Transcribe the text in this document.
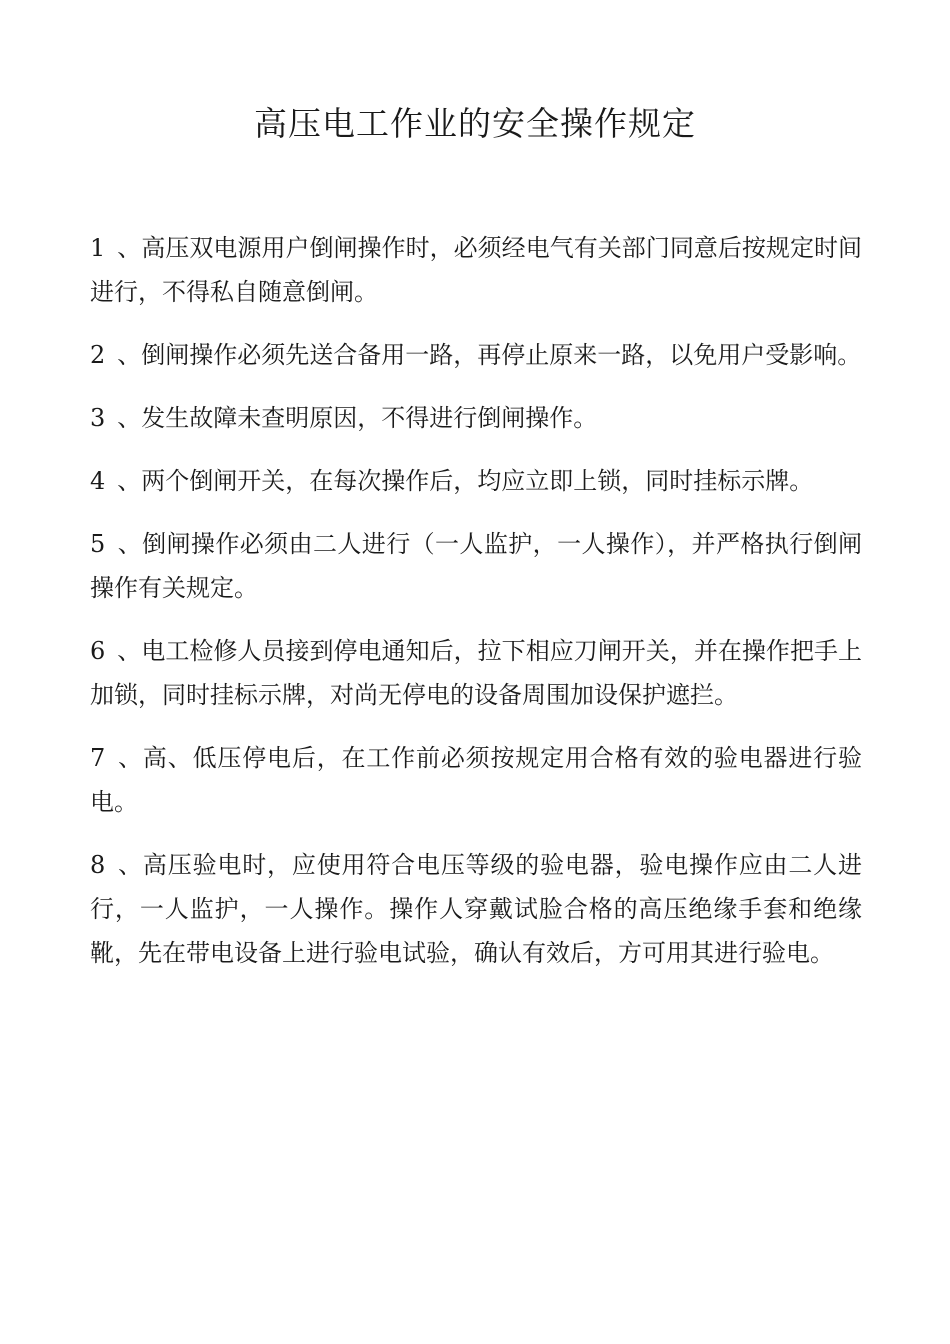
高压电工作业的安全操作规定
1 、高压双电源用户倒闸操作时，必须经电气有关部门同意后按规定时间进行，不得私自随意倒闸。
2 、倒闸操作必须先送合备用一路，再停止原来一路，以免用户受影响。
3 、发生故障未查明原因，不得进行倒闸操作。
4 、两个倒闸开关，在每次操作后，均应立即上锁，同时挂标示牌。
5 、倒闸操作必须由二人进行（一人监护，一人操作），并严格执行倒闸操作有关规定。
6 、电工检修人员接到停电通知后，拉下相应刀闸开关，并在操作把手上加锁，同时挂标示牌，对尚无停电的设备周围加设保护遮拦。
7 、高、低压停电后，在工作前必须按规定用合格有效的验电器进行验电。
8 、高压验电时，应使用符合电压等级的验电器，验电操作应由二人进行，一人监护，一人操作。操作人穿戴试脸合格的高压绝缘手套和绝缘靴，先在带电设备上进行验电试验，确认有效后，方可用其进行验电。
